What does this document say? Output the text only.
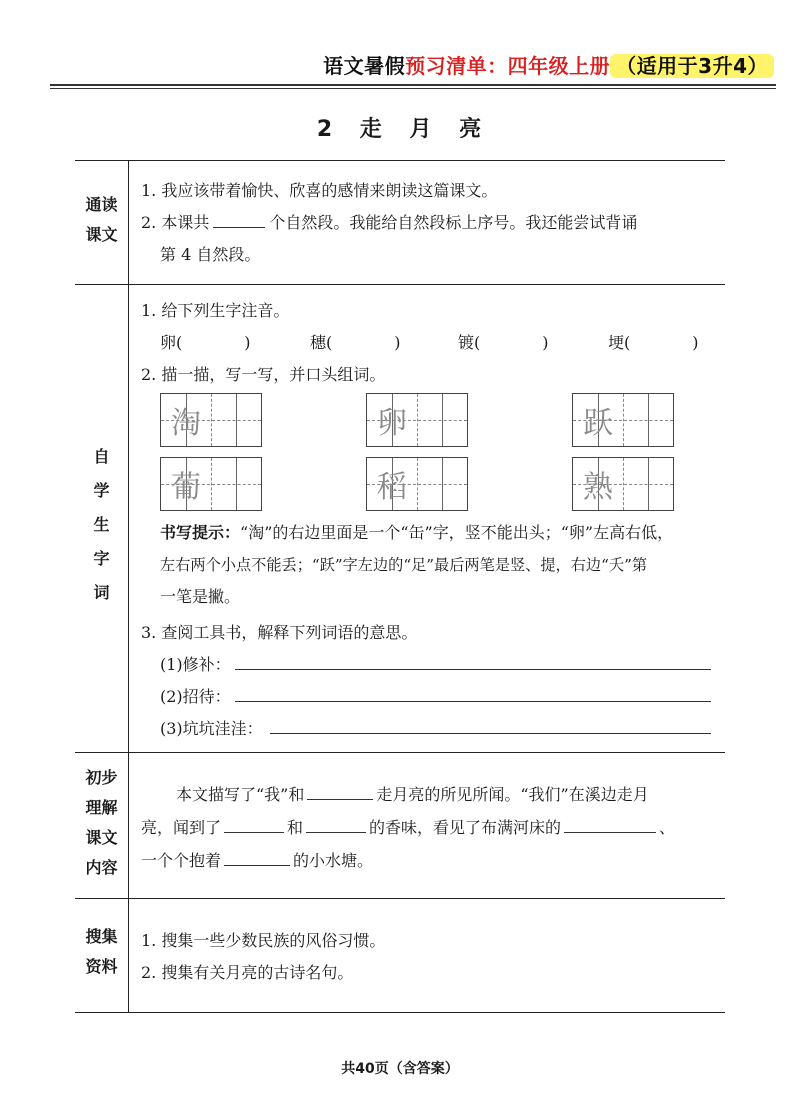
语文暑假预习清单：四年级上册 （适用于3升4）
2 走 月 亮
通读
课文
1. 我应该带着愉快、欣喜的感情来朗读这篇课文。
2. 本课共	个自然段。我能给自然段标上序号。我还能尝试背诵
第 4 自然段。
自
学
生
字
词
1. 给下列生字注音。
卵(	)	穗(	)	镀(	)	埂(	)
2. 描一描，写一写，并口头组词。
淘	卵	跃
葡	稻	熟
书写提示：“淘”的右边里面是一个“缶”字，竖不能出头；“卵”左高右低，
左右两个小点不能丢；“跃”字左边的“足”最后两笔是竖、提，右边“夭”第
一笔是撇。
3. 查阅工具书，解释下列词语的意思。
(1)修补：
(2)招待：
(3)坑坑洼洼：
初步
理解
课文
内容
本文描写了“我”和	走月亮的所见所闻。“我们”在溪边走月
亮，闻到了	和	的香味，看见了布满河床的	、
一个个抱着	的小水塘。
搜集
资料
1. 搜集一些少数民族的风俗习惯。
2. 搜集有关月亮的古诗名句。
共40页（含答案）
